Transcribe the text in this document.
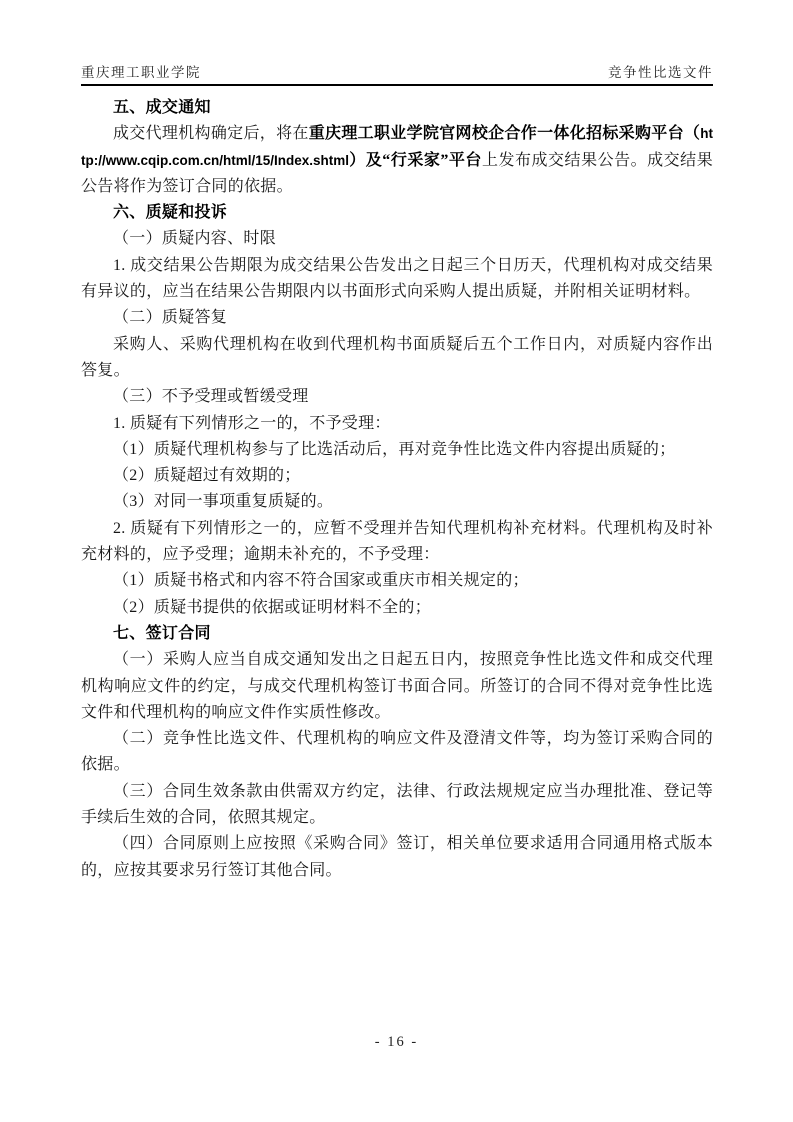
重庆理工职业学院	竞争性比选文件

五、成交通知

成交代理机构确定后，将在重庆理工职业学院官网校企合作一体化招标采购平台（http://www.cqip.com.cn/html/15/Index.shtml）及“行采家”平台上发布成交结果公告。成交结果公告将作为签订合同的依据。

六、质疑和投诉

（一）质疑内容、时限

1. 成交结果公告期限为成交结果公告发出之日起三个日历天，代理机构对成交结果有异议的，应当在结果公告期限内以书面形式向采购人提出质疑，并附相关证明材料。

（二）质疑答复

采购人、采购代理机构在收到代理机构书面质疑后五个工作日内，对质疑内容作出答复。

（三）不予受理或暂缓受理

1. 质疑有下列情形之一的，不予受理：

（1）质疑代理机构参与了比选活动后，再对竞争性比选文件内容提出质疑的；

（2）质疑超过有效期的；

（3）对同一事项重复质疑的。

2. 质疑有下列情形之一的，应暂不受理并告知代理机构补充材料。代理机构及时补充材料的，应予受理；逾期未补充的，不予受理：

（1）质疑书格式和内容不符合国家或重庆市相关规定的；

（2）质疑书提供的依据或证明材料不全的；

七、签订合同

（一）采购人应当自成交通知发出之日起五日内，按照竞争性比选文件和成交代理机构响应文件的约定，与成交代理机构签订书面合同。所签订的合同不得对竞争性比选文件和代理机构的响应文件作实质性修改。

（二）竞争性比选文件、代理机构的响应文件及澄清文件等，均为签订采购合同的依据。

（三）合同生效条款由供需双方约定，法律、行政法规规定应当办理批准、登记等手续后生效的合同，依照其规定。

（四）合同原则上应按照《采购合同》签订，相关单位要求适用合同通用格式版本的，应按其要求另行签订其他合同。

- 16 -
